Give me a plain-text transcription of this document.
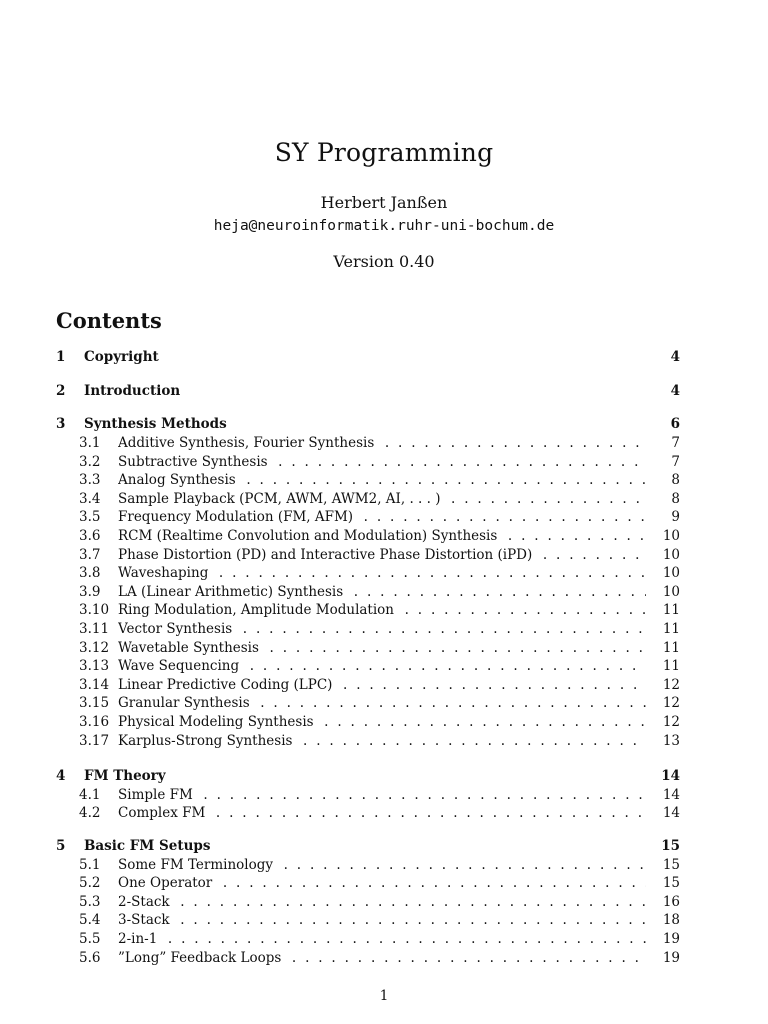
SY Programming
Herbert Janßen
heja@neuroinformatik.ruhr-uni-bochum.de
Version 0.40
Contents
1 Copyright	4
2 Introduction	4
3 Synthesis Methods	6
3.1 Additive Synthesis, Fourier Synthesis . . .	7
3.2 Subtractive Synthesis . . .	7
3.3 Analog Synthesis . . .	8
3.4 Sample Playback (PCM, AWM, AWM2, AI, . . . ) . . .	8
3.5 Frequency Modulation (FM, AFM) . . .	9
3.6 RCM (Realtime Convolution and Modulation) Synthesis . . .	10
3.7 Phase Distortion (PD) and Interactive Phase Distortion (iPD) . . .	10
3.8 Waveshaping . . .	10
3.9 LA (Linear Arithmetic) Synthesis . . .	10
3.10 Ring Modulation, Amplitude Modulation . . .	11
3.11 Vector Synthesis . . .	11
3.12 Wavetable Synthesis . . .	11
3.13 Wave Sequencing . . .	11
3.14 Linear Predictive Coding (LPC) . . .	12
3.15 Granular Synthesis . . .	12
3.16 Physical Modeling Synthesis . . .	12
3.17 Karplus-Strong Synthesis . . .	13
4 FM Theory	14
4.1 Simple FM . . .	14
4.2 Complex FM . . .	14
5 Basic FM Setups	15
5.1 Some FM Terminology . . .	15
5.2 One Operator . . .	15
5.3 2-Stack . . .	16
5.4 3-Stack . . .	18
5.5 2-in-1 . . .	19
5.6 ”Long” Feedback Loops . . .	19
1
